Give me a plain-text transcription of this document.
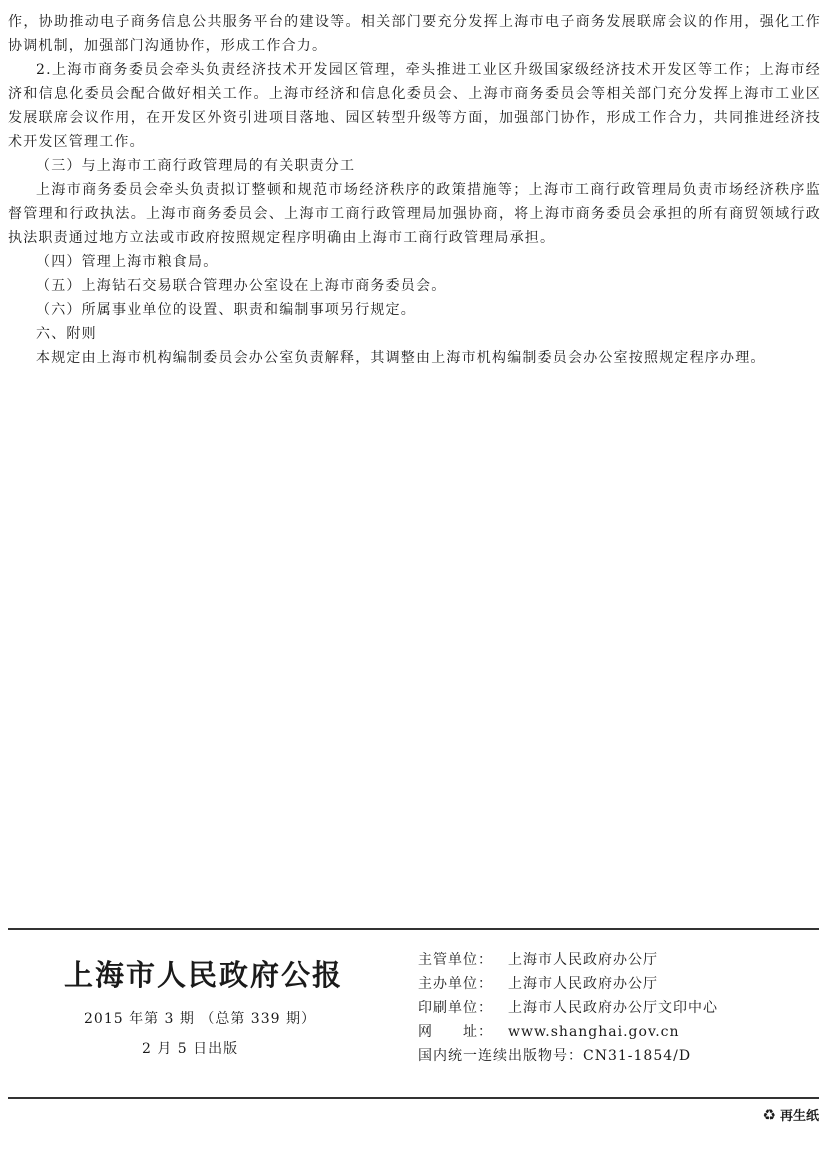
作，协助推动电子商务信息公共服务平台的建设等。相关部门要充分发挥上海市电子商务发展联席会议的作用，强化工作协调机制，加强部门沟通协作，形成工作合力。

2.上海市商务委员会牵头负责经济技术开发园区管理，牵头推进工业区升级国家级经济技术开发区等工作；上海市经济和信息化委员会配合做好相关工作。上海市经济和信息化委员会、上海市商务委员会等相关部门充分发挥上海市工业区发展联席会议作用，在开发区外资引进项目落地、园区转型升级等方面，加强部门协作，形成工作合力，共同推进经济技术开发区管理工作。

（三）与上海市工商行政管理局的有关职责分工

上海市商务委员会牵头负责拟订整顿和规范市场经济秩序的政策措施等；上海市工商行政管理局负责市场经济秩序监督管理和行政执法。上海市商务委员会、上海市工商行政管理局加强协商，将上海市商务委员会承担的所有商贸领域行政执法职责通过地方立法或市政府按照规定程序明确由上海市工商行政管理局承担。

（四）管理上海市粮食局。

（五）上海钻石交易联合管理办公室设在上海市商务委员会。

（六）所属事业单位的设置、职责和编制事项另行规定。

六、附则

本规定由上海市机构编制委员会办公室负责解释，其调整由上海市机构编制委员会办公室按照规定程序办理。

上海市人民政府公报
2015 年第 3 期 （总第 339 期）
2 月 5 日出版
主管单位： 上海市人民政府办公厅
主办单位： 上海市人民政府办公厅
印刷单位： 上海市人民政府办公厅文印中心
网　　址： www.shanghai.gov.cn
国内统一连续出版物号：CN31-1854/D
♻ 再生纸
